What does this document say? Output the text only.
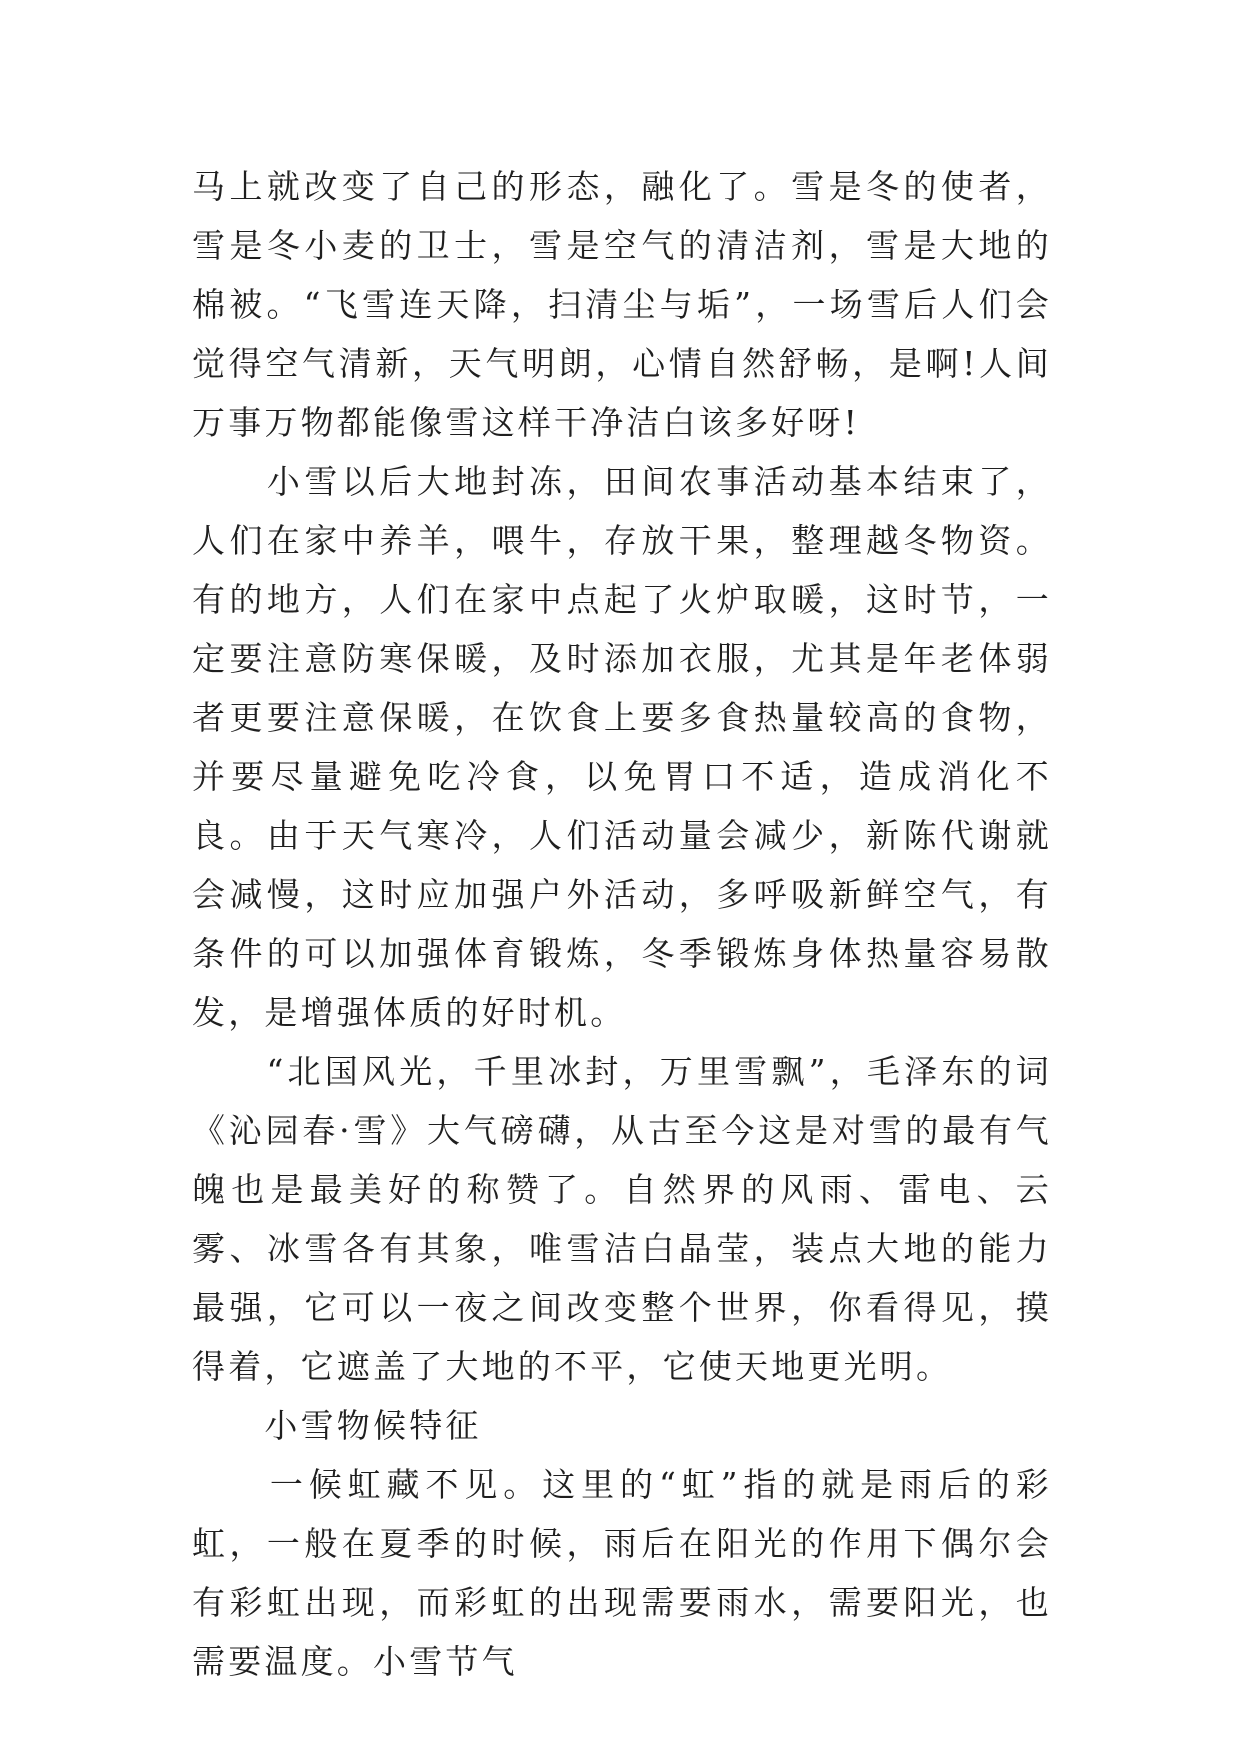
马上就改变了自己的形态，融化了。雪是冬的使者，雪是冬小麦的卫士，雪是空气的清洁剂，雪是大地的棉被。“飞雪连天降，扫清尘与垢”，一场雪后人们会觉得空气清新，天气明朗，心情自然舒畅，是啊!人间万事万物都能像雪这样干净洁白该多好呀!

　　小雪以后大地封冻，田间农事活动基本结束了，人们在家中养羊，喂牛，存放干果，整理越冬物资。有的地方，人们在家中点起了火炉取暖，这时节，一定要注意防寒保暖，及时添加衣服，尤其是年老体弱者更要注意保暖，在饮食上要多食热量较高的食物，并要尽量避免吃冷食，以免胃口不适，造成消化不良。由于天气寒冷，人们活动量会减少，新陈代谢就会减慢，这时应加强户外活动，多呼吸新鲜空气，有条件的可以加强体育锻炼，冬季锻炼身体热量容易散发，是增强体质的好时机。

　　“北国风光，千里冰封，万里雪飘”，毛泽东的词《沁园春·雪》大气磅礴，从古至今这是对雪的最有气魄也是最美好的称赞了。自然界的风雨、雷电、云雾、冰雪各有其象，唯雪洁白晶莹，装点大地的能力最强，它可以一夜之间改变整个世界，你看得见，摸得着，它遮盖了大地的不平，它使天地更光明。

　　小雪物候特征

　　一候虹藏不见。这里的“虹”指的就是雨后的彩虹，一般在夏季的时候，雨后在阳光的作用下偶尔会有彩虹出现，而彩虹的出现需要雨水，需要阳光，也需要温度。小雪节气
